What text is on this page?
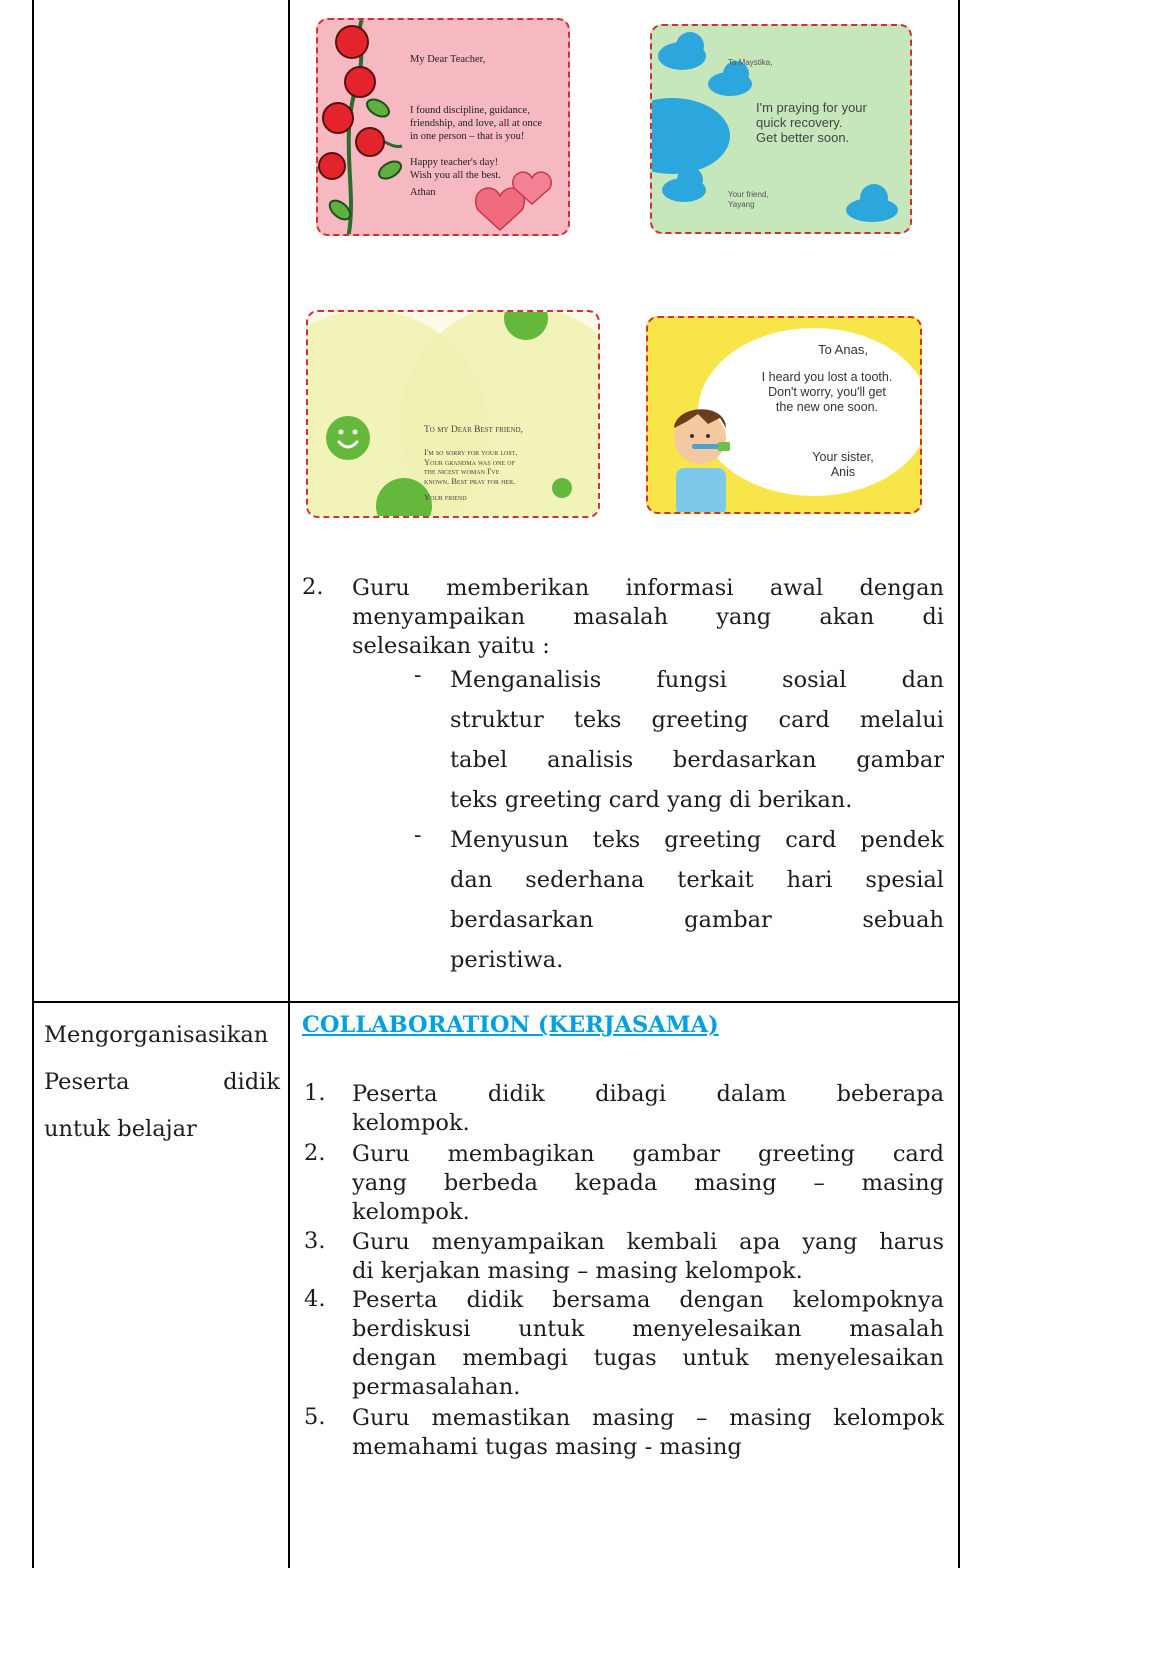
My Dear Teacher,

I found discipline, guidance,
friendship, and love, all at once
in one person – that is you!

Happy teacher's day!
Wish you all the best.

Athan
To Maystika,
I'm praying for your
quick recovery.
Get better soon.
Your friend,
Yayang
To my Dear Best friend,
I'm so sorry for your lost.
Your grandma was one of
the nicest woman I've
known. Best pray for her.
Your friend
To Anas,
I heard you lost a tooth.
Don't worry, you'll get
the new one soon.
Your sister,
Anis
2. Guru memberikan informasi awal dengan
menyampaikan masalah yang akan di
selesaikan yaitu :
- Menganalisis fungsi sosial dan
struktur teks greeting card melalui
tabel analisis berdasarkan gambar
teks greeting card yang di berikan.
- Menyusun teks greeting card pendek
dan sederhana terkait hari spesial
berdasarkan gambar sebuah
peristiwa.
Mengorganisasikan
Peserta	didik
untuk belajar
COLLABORATION (KERJASAMA)
1. Peserta didik dibagi dalam beberapa
kelompok.
2. Guru membagikan gambar greeting card
yang berbeda kepada masing – masing
kelompok.
3. Guru menyampaikan kembali apa yang harus
di kerjakan masing – masing kelompok.
4. Peserta didik bersama dengan kelompoknya
berdiskusi untuk menyelesaikan masalah
dengan membagi tugas untuk menyelesaikan
permasalahan.
5. Guru memastikan masing – masing kelompok
memahami tugas masing - masing
